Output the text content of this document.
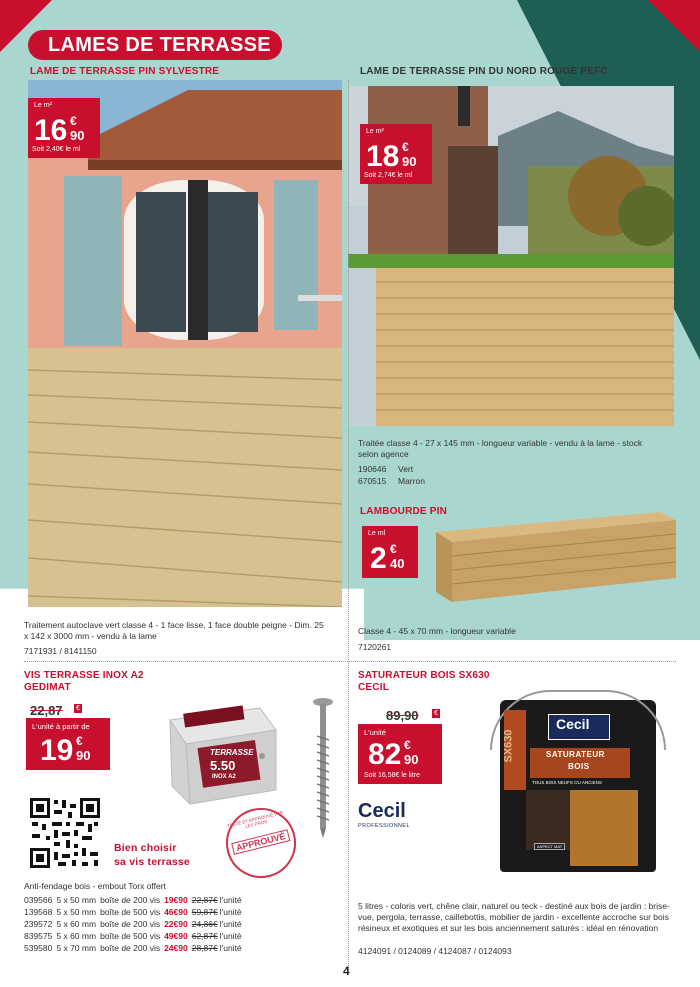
LAMES DE TERRASSE
LAME DE TERRASSE PIN SYLVESTRE	LAME DE TERRASSE PIN DU NORD ROUGE PEFC
Le m²
16 €
90
Soit 2,40€ le ml
Le m²
18 €
90
Soit 2,74€ le ml
Traitée classe 4 - 27 x 145 mm - longueur variable - vendu à la lame - stock selon agence
190646 Vert
670515 Marron
LAMBOURDE PIN
Le ml
2 €
40
Traitement autoclave vert classe 4 - 1 face lisse, 1 face double peigne - Dim. 25 x 142 x 3000 mm - vendu à la lame
7171931 / 8141150
Classe 4 - 45 x 70 mm - longueur variable
7120261
VIS TERRASSE INOX A2
GEDIMAT
22,87 €
L'unité à partir de
19 €
90	TERRASSE
5.50
INOX A2
APPROUVÉ
TESTÉ ET APPROUVÉ PAR LES PROS
Bien choisir
sa vis terrasse
Anti-fendage bois - embout Torx offert
039566	5 x 50 mm	boîte de 200 vis	19€90	22,87€	l'unité
139568	5 x 50 mm	boîte de 500 vis	46€90	59,87€	l'unité
239572	5 x 60 mm	boîte de 200 vis	22€90	24,86€	l'unité
839575	5 x 60 mm	boîte de 500 vis	49€90	62,87€	l'unité
539580	5 x 70 mm	boîte de 200 vis	24€90	28,87€	l'unité
SATURATEUR BOIS SX630
CECIL
89,90 €
L'unité
82 €
90
Soit 16,58€ le litre
Cecil
PROFESSIONNEL
SX630
Cecil
SATURATEUR
BOIS
TOUS BOIS NEUFS OU ANCIENS
ASPECT MAT
5 litres - coloris vert, chêne clair, naturel ou teck - destiné aux bois de jardin : brise-vue, pergola, terrasse, caillebottis, mobilier de jardin - excellente accroche sur bois résineux et exotiques et sur les bois anciennement saturés : idéal en rénovation
4124091 / 0124089 / 4124087 / 0124093
4
